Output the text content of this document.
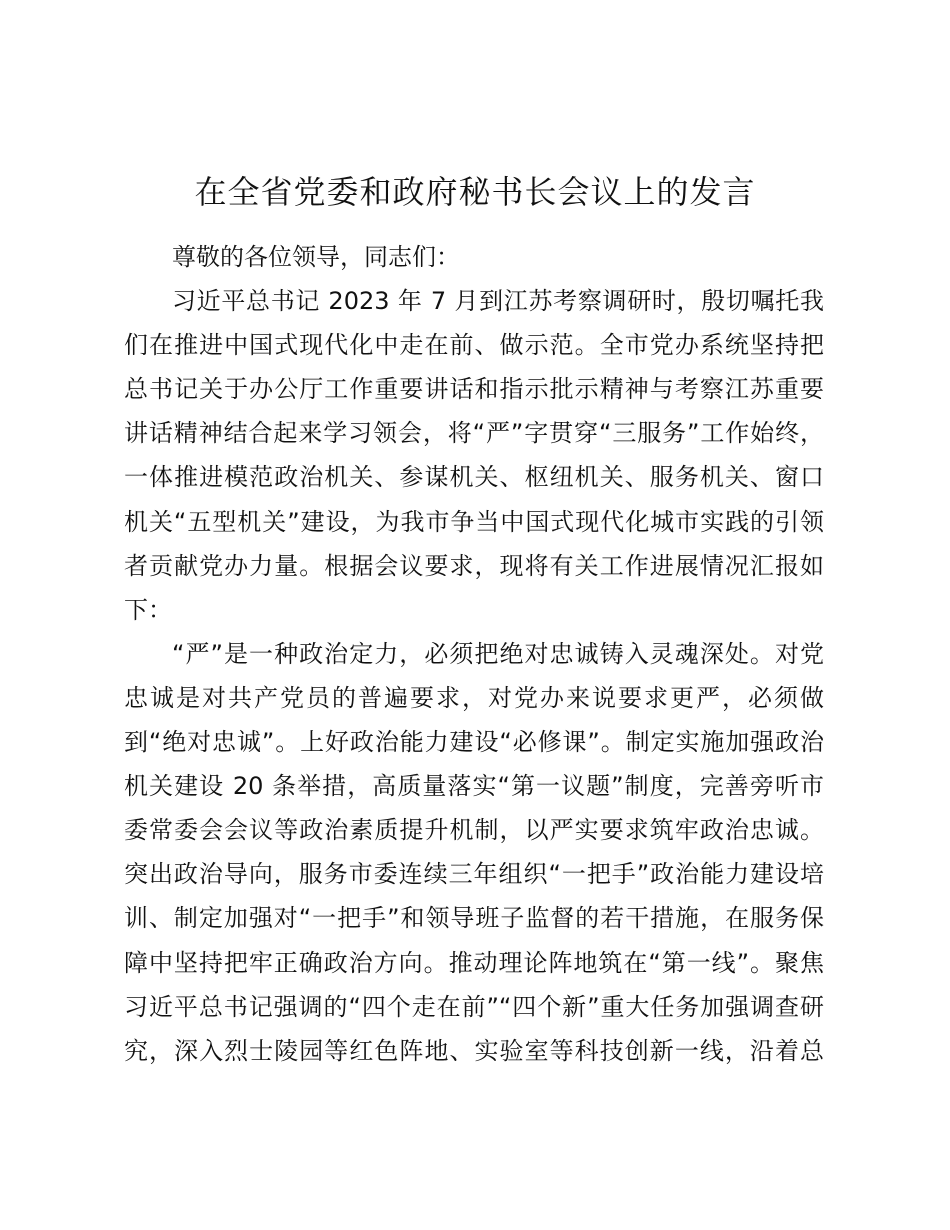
在全省党委和政府秘书长会议上的发言
尊敬的各位领导，同志们：
习近平总书记 2023 年 7 月到江苏考察调研时，殷切嘱托我
们在推进中国式现代化中走在前、做示范。全市党办系统坚持把
总书记关于办公厅工作重要讲话和指示批示精神与考察江苏重要
讲话精神结合起来学习领会，将“严”字贯穿“三服务”工作始终，
一体推进模范政治机关、参谋机关、枢纽机关、服务机关、窗口
机关“五型机关”建设，为我市争当中国式现代化城市实践的引领
者贡献党办力量。根据会议要求，现将有关工作进展情况汇报如
下：
“严”是一种政治定力，必须把绝对忠诚铸入灵魂深处。对党
忠诚是对共产党员的普遍要求，对党办来说要求更严，必须做
到“绝对忠诚”。上好政治能力建设“必修课”。制定实施加强政治
机关建设 20 条举措，高质量落实“第一议题”制度，完善旁听市
委常委会会议等政治素质提升机制，以严实要求筑牢政治忠诚。
突出政治导向，服务市委连续三年组织“一把手”政治能力建设培
训、制定加强对“一把手”和领导班子监督的若干措施，在服务保
障中坚持把牢正确政治方向。推动理论阵地筑在“第一线”。聚焦
习近平总书记强调的“四个走在前”“四个新”重大任务加强调查研
究，深入烈士陵园等红色阵地、实验室等科技创新一线，沿着总
